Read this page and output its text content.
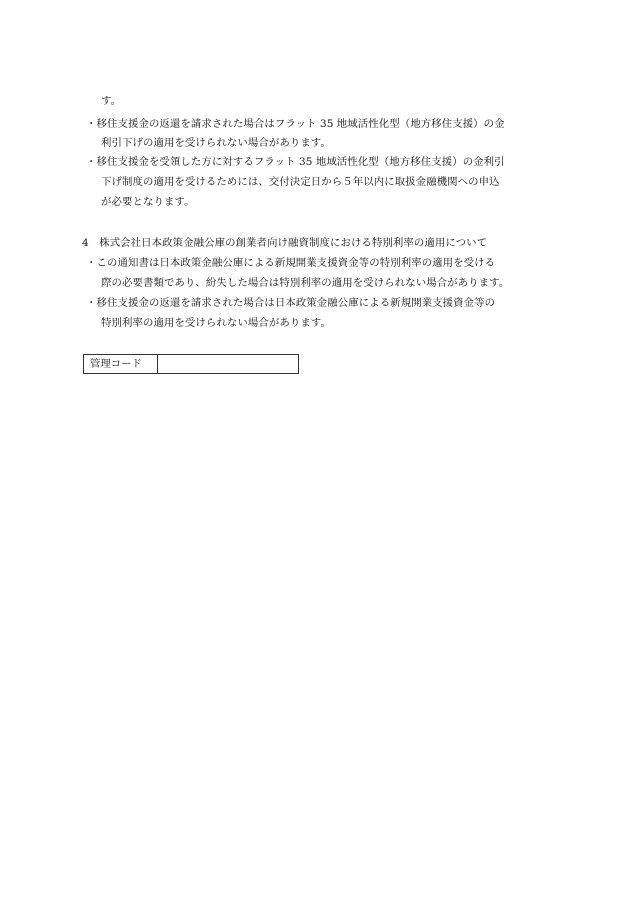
す。
・移住支援金の返還を請求された場合はフラット 35 地域活性化型（地方移住支援）の金
利引下げの適用を受けられない場合があります。
・移住支援金を受領した方に対するフラット 35 地域活性化型（地方移住支援）の金利引
下げ制度の適用を受けるためには、交付決定日から５年以内に取扱金融機関への申込
が必要となります。
4　株式会社日本政策金融公庫の創業者向け融資制度における特別利率の適用について
・この通知書は日本政策金融公庫による新規開業支援資金等の特別利率の適用を受ける
際の必要書類であり、紛失した場合は特別利率の適用を受けられない場合があります。
・移住支援金の返還を請求された場合は日本政策金融公庫による新規開業支援資金等の
特別利率の適用を受けられない場合があります。
管理コード
